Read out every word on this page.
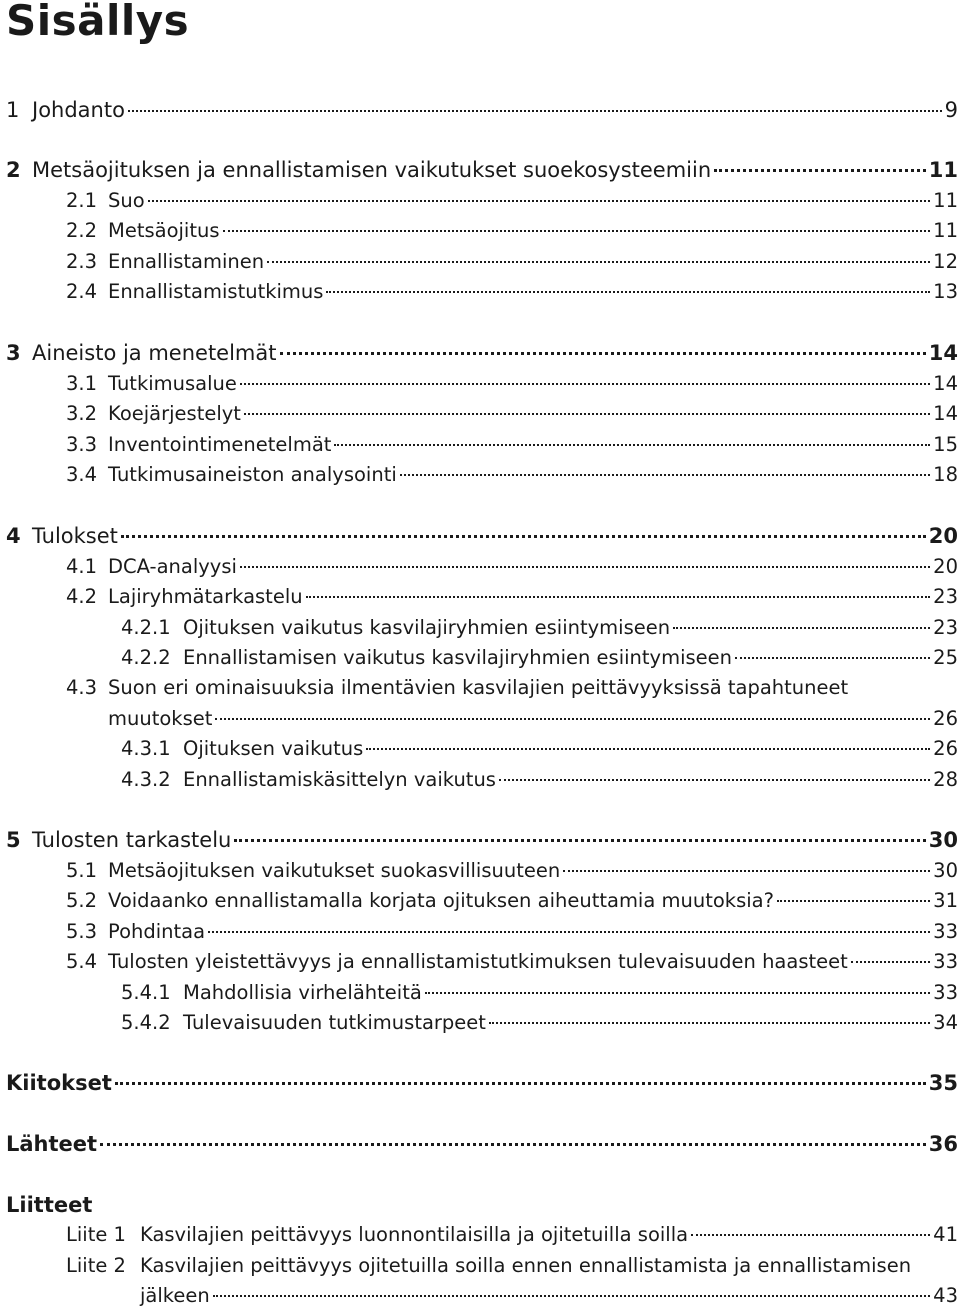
Sisällys
1 Johdanto	9
2 Metsäojituksen ja ennallistamisen vaikutukset suoekosysteemiin	11
2.1 Suo	11
2.2 Metsäojitus	11
2.3 Ennallistaminen	12
2.4 Ennallistamistutkimus	13
3 Aineisto ja menetelmät	14
3.1 Tutkimusalue	14
3.2 Koejärjestelyt	14
3.3 Inventointimenetelmät	15
3.4 Tutkimusaineiston analysointi	18
4 Tulokset	20
4.1 DCA-analyysi	20
4.2 Lajiryhmätarkastelu	23
4.2.1 Ojituksen vaikutus kasvilajiryhmien esiintymiseen	23
4.2.2 Ennallistamisen vaikutus kasvilajiryhmien esiintymiseen	25
4.3 Suon eri ominaisuuksia ilmentävien kasvilajien peittävyyksissä tapahtuneet
muutokset	26
4.3.1 Ojituksen vaikutus	26
4.3.2 Ennallistamiskäsittelyn vaikutus	28
5 Tulosten tarkastelu	30
5.1 Metsäojituksen vaikutukset suokasvillisuuteen	30
5.2 Voidaanko ennallistamalla korjata ojituksen aiheuttamia muutoksia?	31
5.3 Pohdintaa	33
5.4 Tulosten yleistettävyys ja ennallistamistutkimuksen tulevaisuuden haasteet	33
5.4.1 Mahdollisia virhelähteitä	33
5.4.2 Tulevaisuuden tutkimustarpeet	34
Kiitokset	35
Lähteet	36
Liitteet
Liite 1 Kasvilajien peittävyys luonnontilaisilla ja ojitetuilla soilla	41
Liite 2 Kasvilajien peittävyys ojitetuilla soilla ennen ennallistamista ja ennallistamisen
jälkeen	43
